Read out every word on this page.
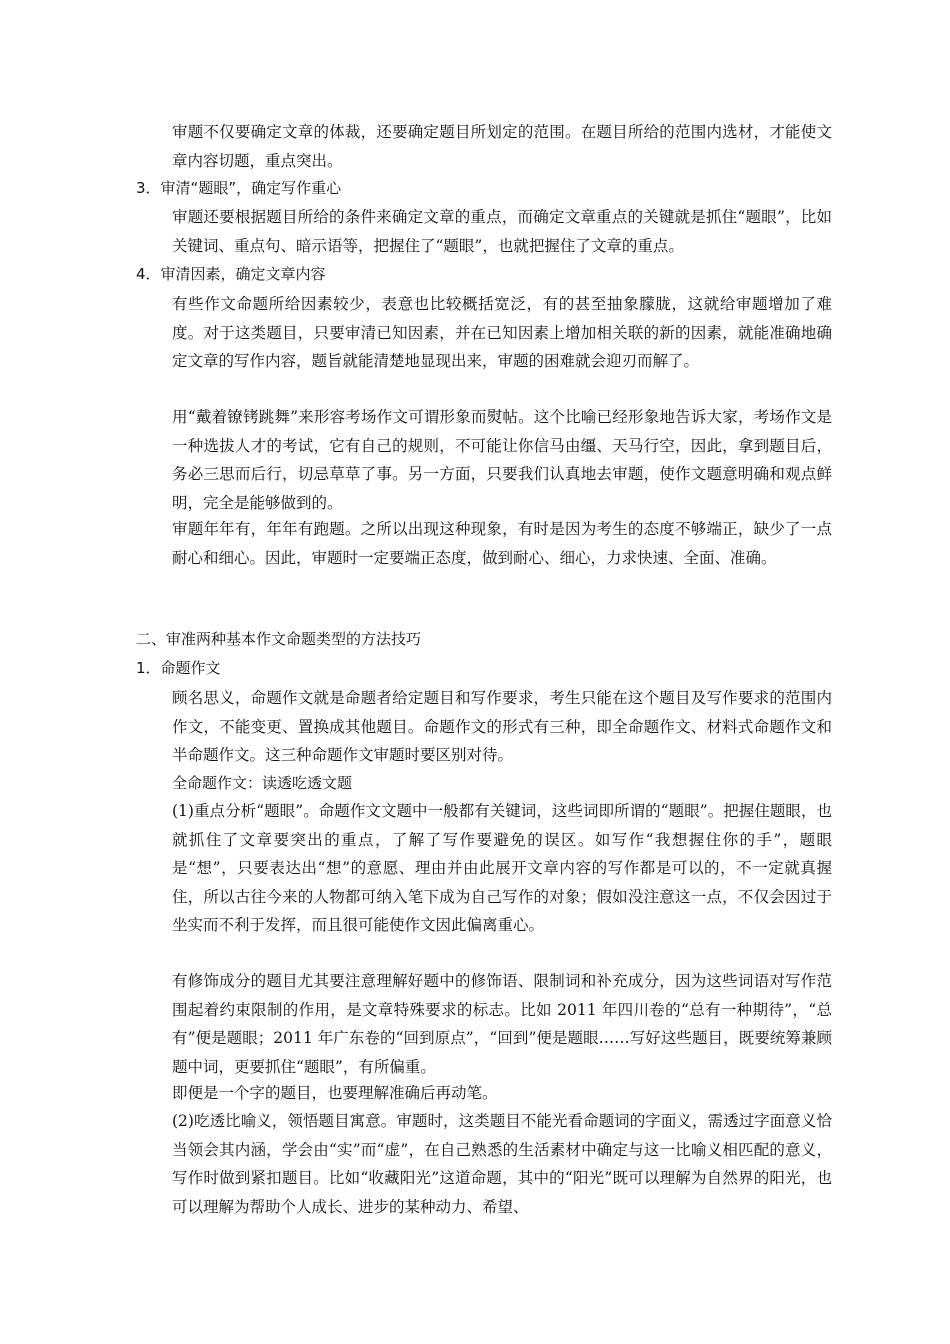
审题不仅要确定文章的体裁，还要确定题目所划定的范围。在题目所给的范围内选材，才能使文章内容切题，重点突出。

3．审清“题眼”，确定写作重心

审题还要根据题目所给的条件来确定文章的重点，而确定文章重点的关键就是抓住“题眼”，比如关键词、重点句、暗示语等，把握住了“题眼”，也就把握住了文章的重点。

4．审清因素，确定文章内容

有些作文命题所给因素较少，表意也比较概括宽泛，有的甚至抽象朦胧，这就给审题增加了难度。对于这类题目，只要审清已知因素，并在已知因素上增加相关联的新的因素，就能准确地确定文章的写作内容，题旨就能清楚地显现出来，审题的困难就会迎刃而解了。

用“戴着镣铐跳舞”来形容考场作文可谓形象而熨帖。这个比喻已经形象地告诉大家，考场作文是一种选拔人才的考试，它有自己的规则，不可能让你信马由缰、天马行空，因此，拿到题目后，务必三思而后行，切忌草草了事。另一方面，只要我们认真地去审题，使作文题意明确和观点鲜明，完全是能够做到的。

审题年年有，年年有跑题。之所以出现这种现象，有时是因为考生的态度不够端正，缺少了一点耐心和细心。因此，审题时一定要端正态度，做到耐心、细心，力求快速、全面、准确。

二、审准两种基本作文命题类型的方法技巧

1．命题作文

顾名思义，命题作文就是命题者给定题目和写作要求，考生只能在这个题目及写作要求的范围内作文，不能变更、置换成其他题目。命题作文的形式有三种，即全命题作文、材料式命题作文和半命题作文。这三种命题作文审题时要区别对待。

全命题作文：读透吃透文题

(1)重点分析“题眼”。命题作文文题中一般都有关键词，这些词即所谓的“题眼”。把握住题眼，也就抓住了文章要突出的重点，了解了写作要避免的误区。如写作“我想握住你的手”，题眼是“想”，只要表达出“想”的意愿、理由并由此展开文章内容的写作都是可以的，不一定就真握住，所以古往今来的人物都可纳入笔下成为自己写作的对象；假如没注意这一点，不仅会因过于坐实而不利于发挥，而且很可能使作文因此偏离重心。

有修饰成分的题目尤其要注意理解好题中的修饰语、限制词和补充成分，因为这些词语对写作范围起着约束限制的作用，是文章特殊要求的标志。比如 2011 年四川卷的“总有一种期待”，“总有”便是题眼；2011 年广东卷的“回到原点”，“回到”便是题眼……写好这些题目，既要统筹兼顾题中词，更要抓住“题眼”，有所偏重。

即便是一个字的题目，也要理解准确后再动笔。

(2)吃透比喻义，领悟题目寓意。审题时，这类题目不能光看命题词的字面义，需透过字面意义恰当领会其内涵，学会由“实”而“虚”，在自己熟悉的生活素材中确定与这一比喻义相匹配的意义，写作时做到紧扣题目。比如“收藏阳光”这道命题，其中的“阳光”既可以理解为自然界的阳光，也可以理解为帮助个人成长、进步的某种动力、希望、
